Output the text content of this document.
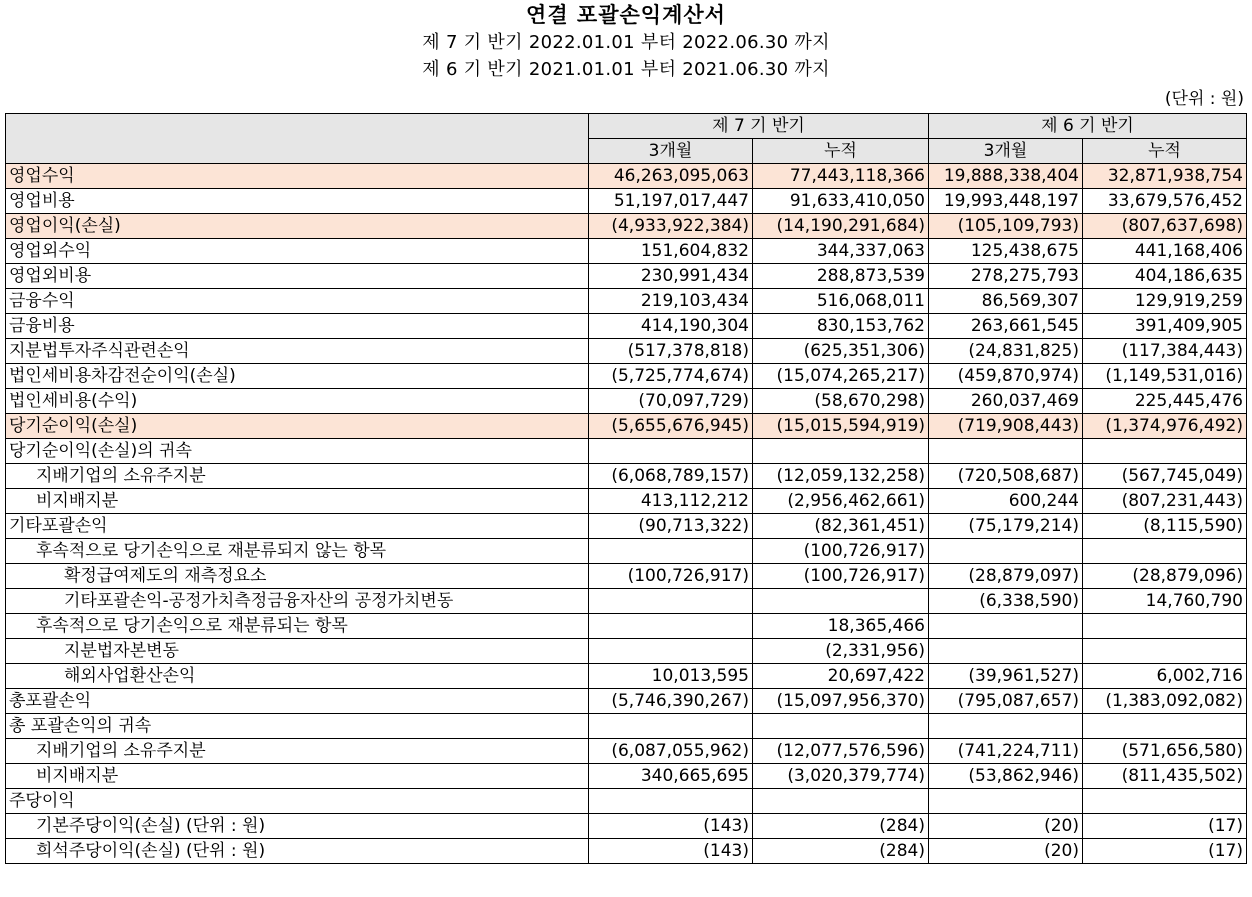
연결 포괄손익계산서
제 7 기 반기 2022.01.01 부터 2022.06.30 까지
제 6 기 반기 2021.01.01 부터 2021.06.30 까지
(단위 : 원)
	제 7 기 반기		제 6 기 반기	
	3개월	누적	3개월	누적
영업수익	46,263,095,063	77,443,118,366	19,888,338,404	32,871,938,754
영업비용	51,197,017,447	91,633,410,050	19,993,448,197	33,679,576,452
영업이익(손실)	(4,933,922,384)	(14,190,291,684)	(105,109,793)	(807,637,698)
영업외수익	151,604,832	344,337,063	125,438,675	441,168,406
영업외비용	230,991,434	288,873,539	278,275,793	404,186,635
금융수익	219,103,434	516,068,011	86,569,307	129,919,259
금융비용	414,190,304	830,153,762	263,661,545	391,409,905
지분법투자주식관련손익	(517,378,818)	(625,351,306)	(24,831,825)	(117,384,443)
법인세비용차감전순이익(손실)	(5,725,774,674)	(15,074,265,217)	(459,870,974)	(1,149,531,016)
법인세비용(수익)	(70,097,729)	(58,670,298)	260,037,469	225,445,476
당기순이익(손실)	(5,655,676,945)	(15,015,594,919)	(719,908,443)	(1,374,976,492)
당기순이익(손실)의 귀속				
지배기업의 소유주지분	(6,068,789,157)	(12,059,132,258)	(720,508,687)	(567,745,049)
비지배지분	413,112,212	(2,956,462,661)	600,244	(807,231,443)
기타포괄손익	(90,713,322)	(82,361,451)	(75,179,214)	(8,115,590)
후속적으로 당기손익으로 재분류되지 않는 항목		(100,726,917)		
확정급여제도의 재측정요소	(100,726,917)	(100,726,917)	(28,879,097)	(28,879,096)
기타포괄손익-공정가치측정금융자산의 공정가치변동			(6,338,590)	14,760,790
후속적으로 당기손익으로 재분류되는 항목		18,365,466		
지분법자본변동		(2,331,956)		
해외사업환산손익	10,013,595	20,697,422	(39,961,527)	6,002,716
총포괄손익	(5,746,390,267)	(15,097,956,370)	(795,087,657)	(1,383,092,082)
총 포괄손익의 귀속				
지배기업의 소유주지분	(6,087,055,962)	(12,077,576,596)	(741,224,711)	(571,656,580)
비지배지분	340,665,695	(3,020,379,774)	(53,862,946)	(811,435,502)
주당이익				
기본주당이익(손실) (단위 : 원)	(143)	(284)	(20)	(17)
희석주당이익(손실) (단위 : 원)	(143)	(284)	(20)	(17)
